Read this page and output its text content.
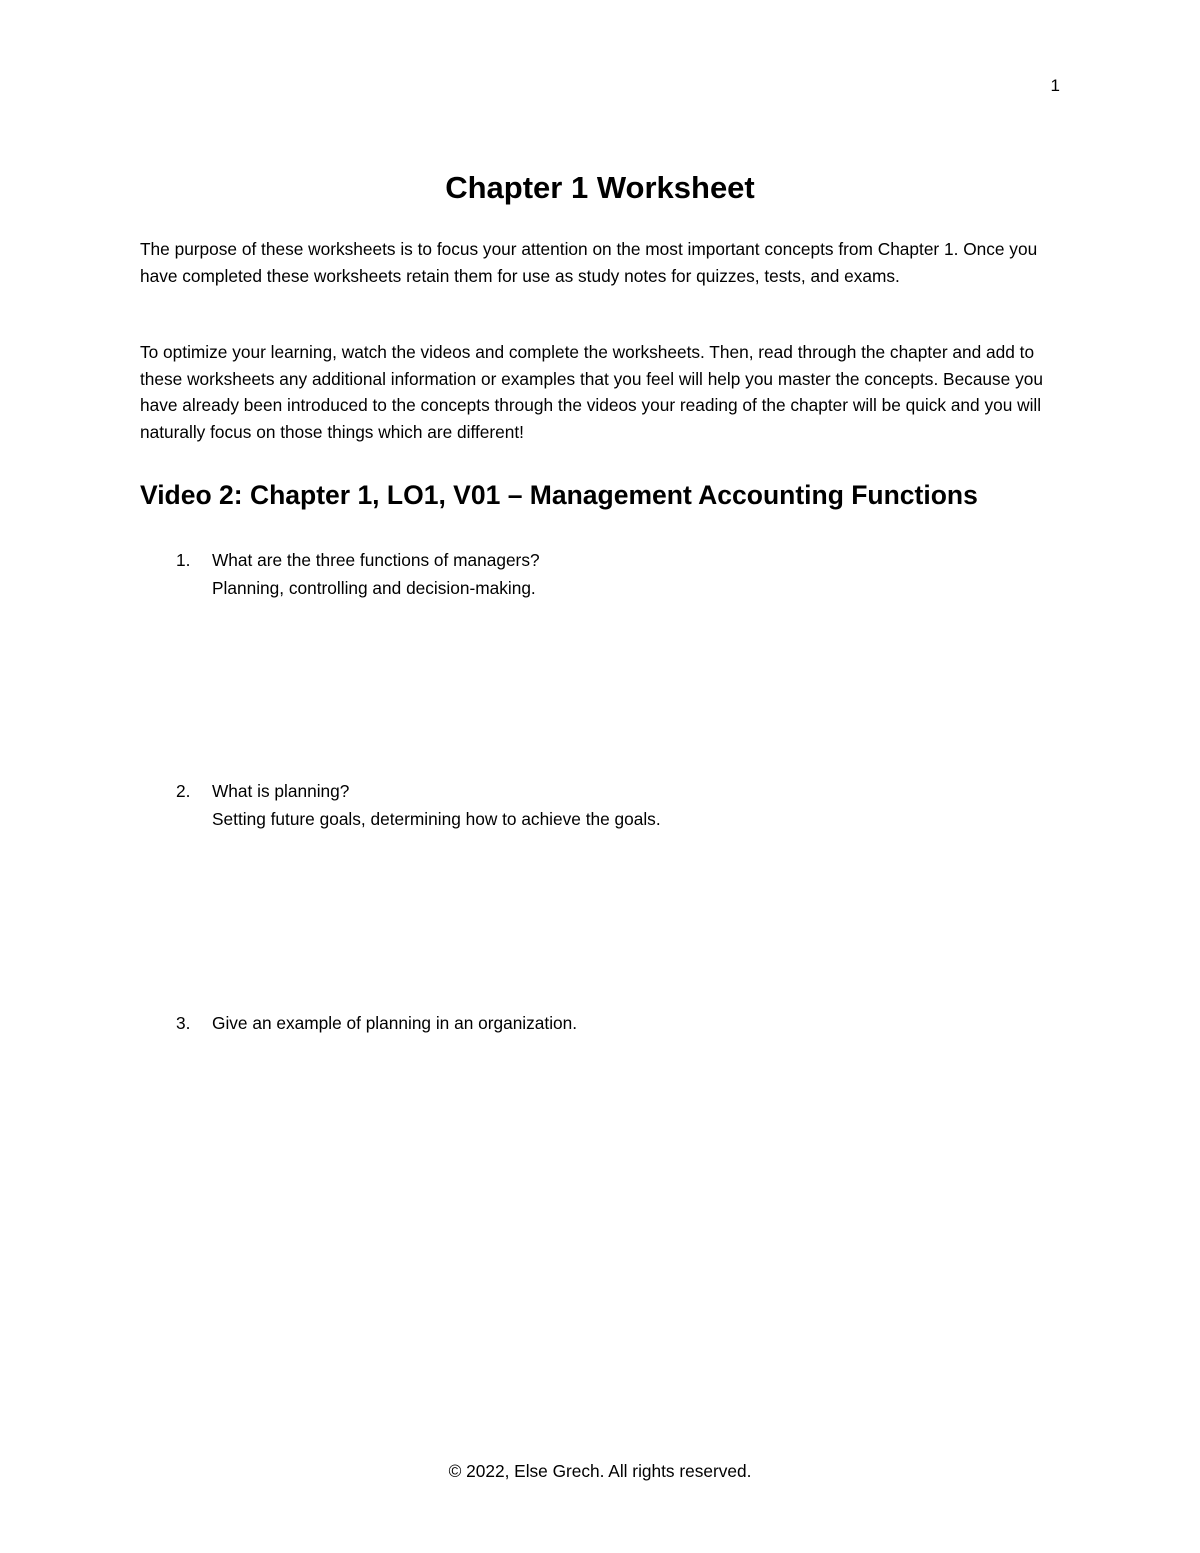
1
Chapter 1 Worksheet

The purpose of these worksheets is to focus your attention on the most important concepts from Chapter 1. Once you have completed these worksheets retain them for use as study notes for quizzes, tests, and exams.

To optimize your learning, watch the videos and complete the worksheets. Then, read through the chapter and add to these worksheets any additional information or examples that you feel will help you master the concepts. Because you have already been introduced to the concepts through the videos your reading of the chapter will be quick and you will naturally focus on those things which are different!

Video 2: Chapter 1, LO1, V01 – Management Accounting Functions
1. What are the three functions of managers?
Planning, controlling and decision-making.
2. What is planning?
Setting future goals, determining how to achieve the goals.
3. Give an example of planning in an organization.
© 2022, Else Grech. All rights reserved.
